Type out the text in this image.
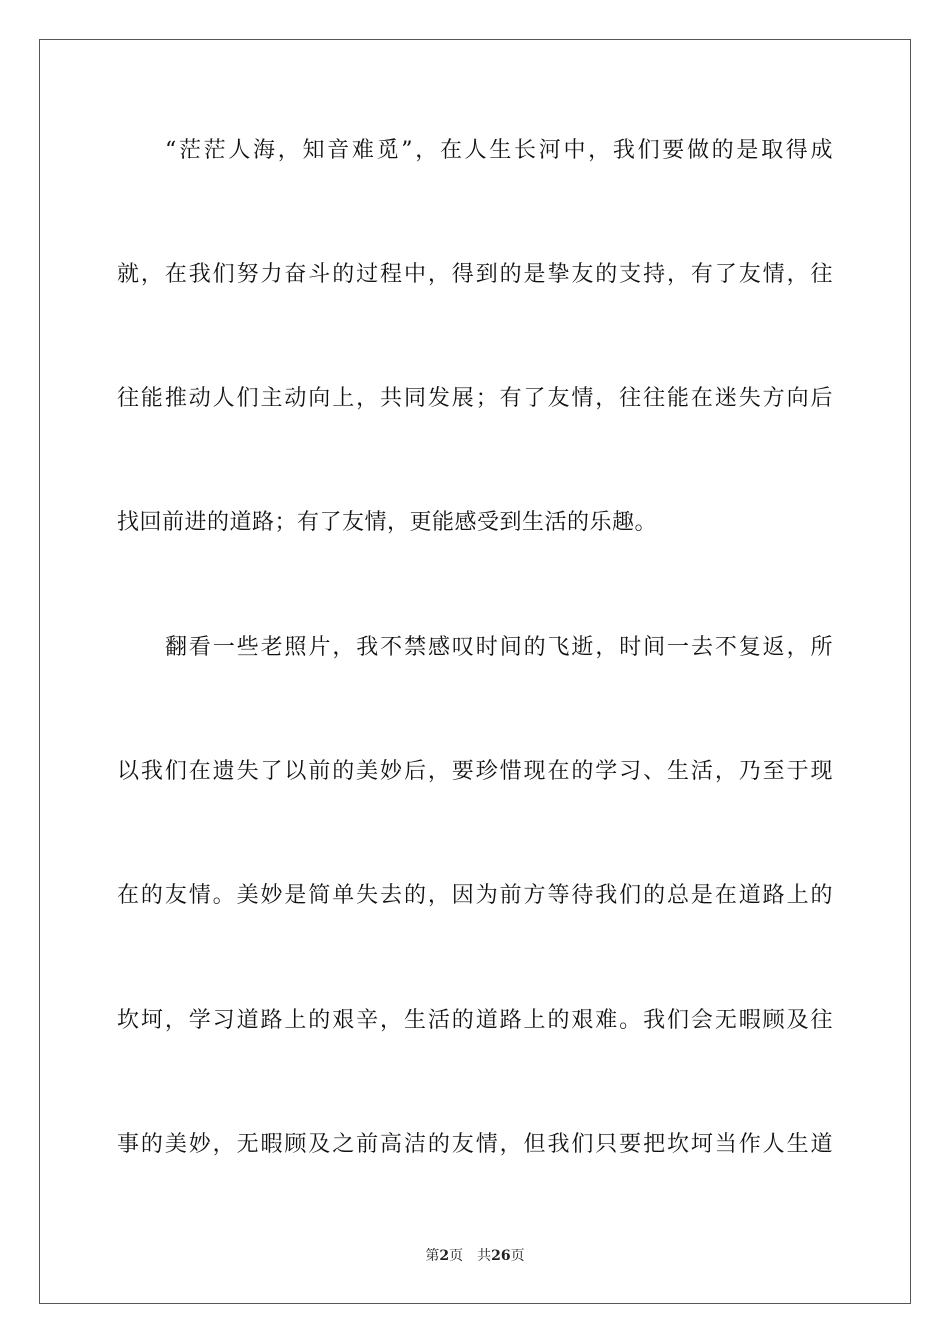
“茫茫人海，知音难觅”，在人生长河中，我们要做的是取得成
就，在我们努力奋斗的过程中，得到的是挚友的支持，有了友情，往
往能推动人们主动向上，共同发展；有了友情，往往能在迷失方向后
找回前进的道路；有了友情，更能感受到生活的乐趣。
翻看一些老照片，我不禁感叹时间的飞逝，时间一去不复返，所
以我们在遗失了以前的美妙后，要珍惜现在的学习、生活，乃至于现
在的友情。美妙是简单失去的，因为前方等待我们的总是在道路上的
坎坷，学习道路上的艰辛，生活的道路上的艰难。我们会无暇顾及往
事的美妙，无暇顾及之前高洁的友情，但我们只要把坎坷当作人生道
第2页 共26页
